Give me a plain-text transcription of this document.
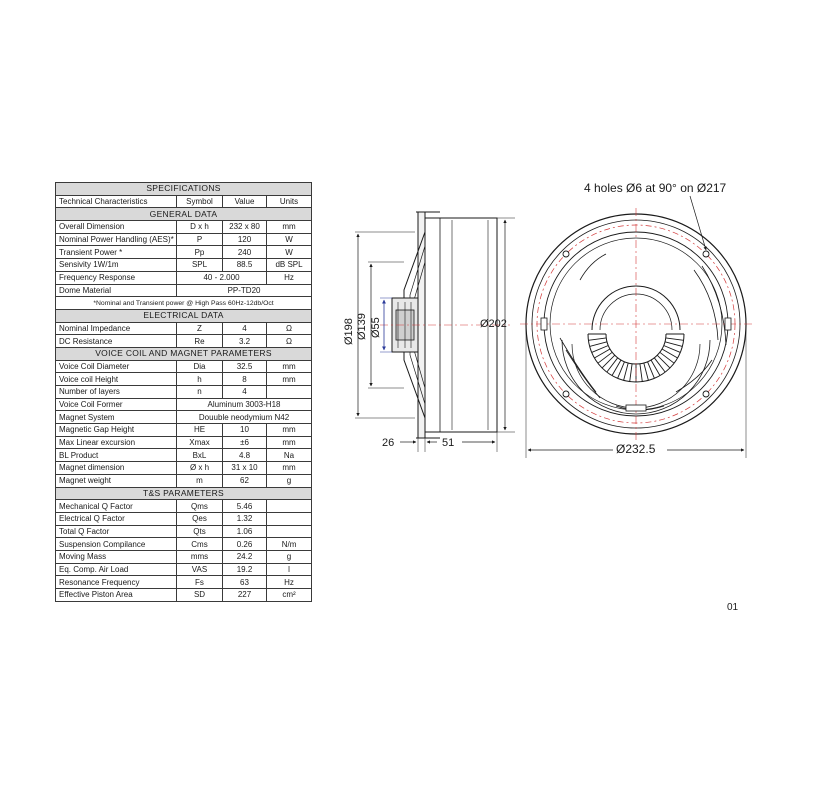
SPECIFICATIONS			
Technical Characteristics	Symbol	Value	Units
GENERAL DATA			
Overall Dimension	D x h	232 x 80	mm
Nominal Power Handling (AES)*	P	120	W
Transient Power *	Pp	240	W
Sensivity 1W/1m	SPL	88.5	dB SPL
Frequency Response	40 - 2.000		Hz
Dome Material	PP-TD20		
*Nominal and Transient power @ High Pass 60Hz-12db/Oct			
ELECTRICAL DATA			
Nominal Impedance	Z	4	Ω
DC Resistance	Re	3.2	Ω
VOICE COIL AND MAGNET PARAMETERS			
Voice Coil Diameter	Dia	32.5	mm
Voice coil Height	h	8	mm
Number of layers	n	4	
Voice Coil Former	Aluminum 3003-H18		
Magnet System	Douuble neodymium N42		
Magnetic Gap Height	HE	10	mm
Max Linear excursion	Xmax	±6	mm
BL Product	BxL	4.8	Na
Magnet dimension	Ø x h	31 x 10	mm
Magnet weight	m	62	g
T&S PARAMETERS			
Mechanical Q Factor	Qms	5.46	
Electrical Q Factor	Qes	1.32	
Total Q Factor	Qts	1.06	
Suspension Compilance	Cms	0.26	N/m
Moving Mass	mms	24.2	g
Eq. Comp. Air Load	VAS	19.2	l
Resonance Frequency	Fs	63	Hz
Effective Piston Area	SD	227	cm²
Ø198 Ø139 Ø55	Ø202
26	51
4 holes Ø6 at 90° on Ø217
Ø232.5
01
